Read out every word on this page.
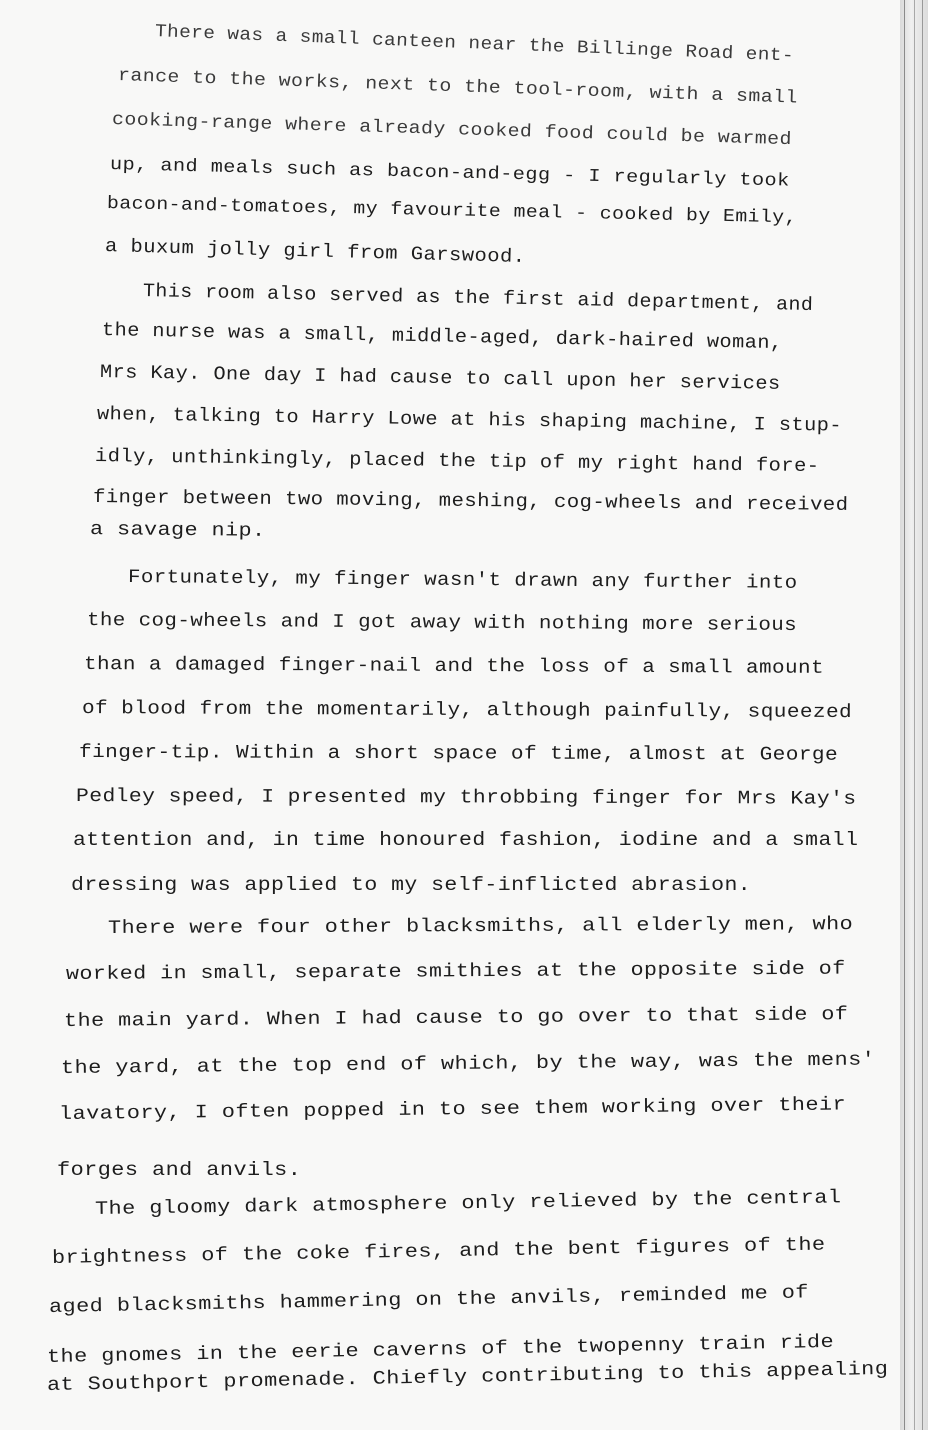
There was a small canteen near the Billinge Road ent-
rance to the works, next to the tool-room, with a small
cooking-range where already cooked food could be warmed
up, and meals such as bacon-and-egg - I regularly took
bacon-and-tomatoes, my favourite meal - cooked by Emily,
a buxum jolly girl from Garswood.
This room also served as the first aid department, and
the nurse was a small, middle-aged, dark-haired woman,
Mrs Kay. One day I had cause to call upon her services
when, talking to Harry Lowe at his shaping machine, I stup-
idly, unthinkingly, placed the tip of my right hand fore-
finger between two moving, meshing, cog-wheels and received
a savage nip.
Fortunately, my finger wasn't drawn any further into
the cog-wheels and I got away with nothing more serious
than a damaged finger-nail and the loss of a small amount
of blood from the momentarily, although painfully, squeezed
finger-tip. Within a short space of time, almost at George
Pedley speed, I presented my throbbing finger for Mrs Kay's
attention and, in time honoured fashion, iodine and a small
dressing was applied to my self-inflicted abrasion.
There were four other blacksmiths, all elderly men, who
worked in small, separate smithies at the opposite side of
the main yard. When I had cause to go over to that side of
the yard, at the top end of which, by the way, was the mens'
lavatory, I often popped in to see them working over their
forges and anvils.
The gloomy dark atmosphere only relieved by the central
brightness of the coke fires, and the bent figures of the
aged blacksmiths hammering on the anvils, reminded me of
the gnomes in the eerie caverns of the twopenny train ride
at Southport promenade. Chiefly contributing to this appealing
